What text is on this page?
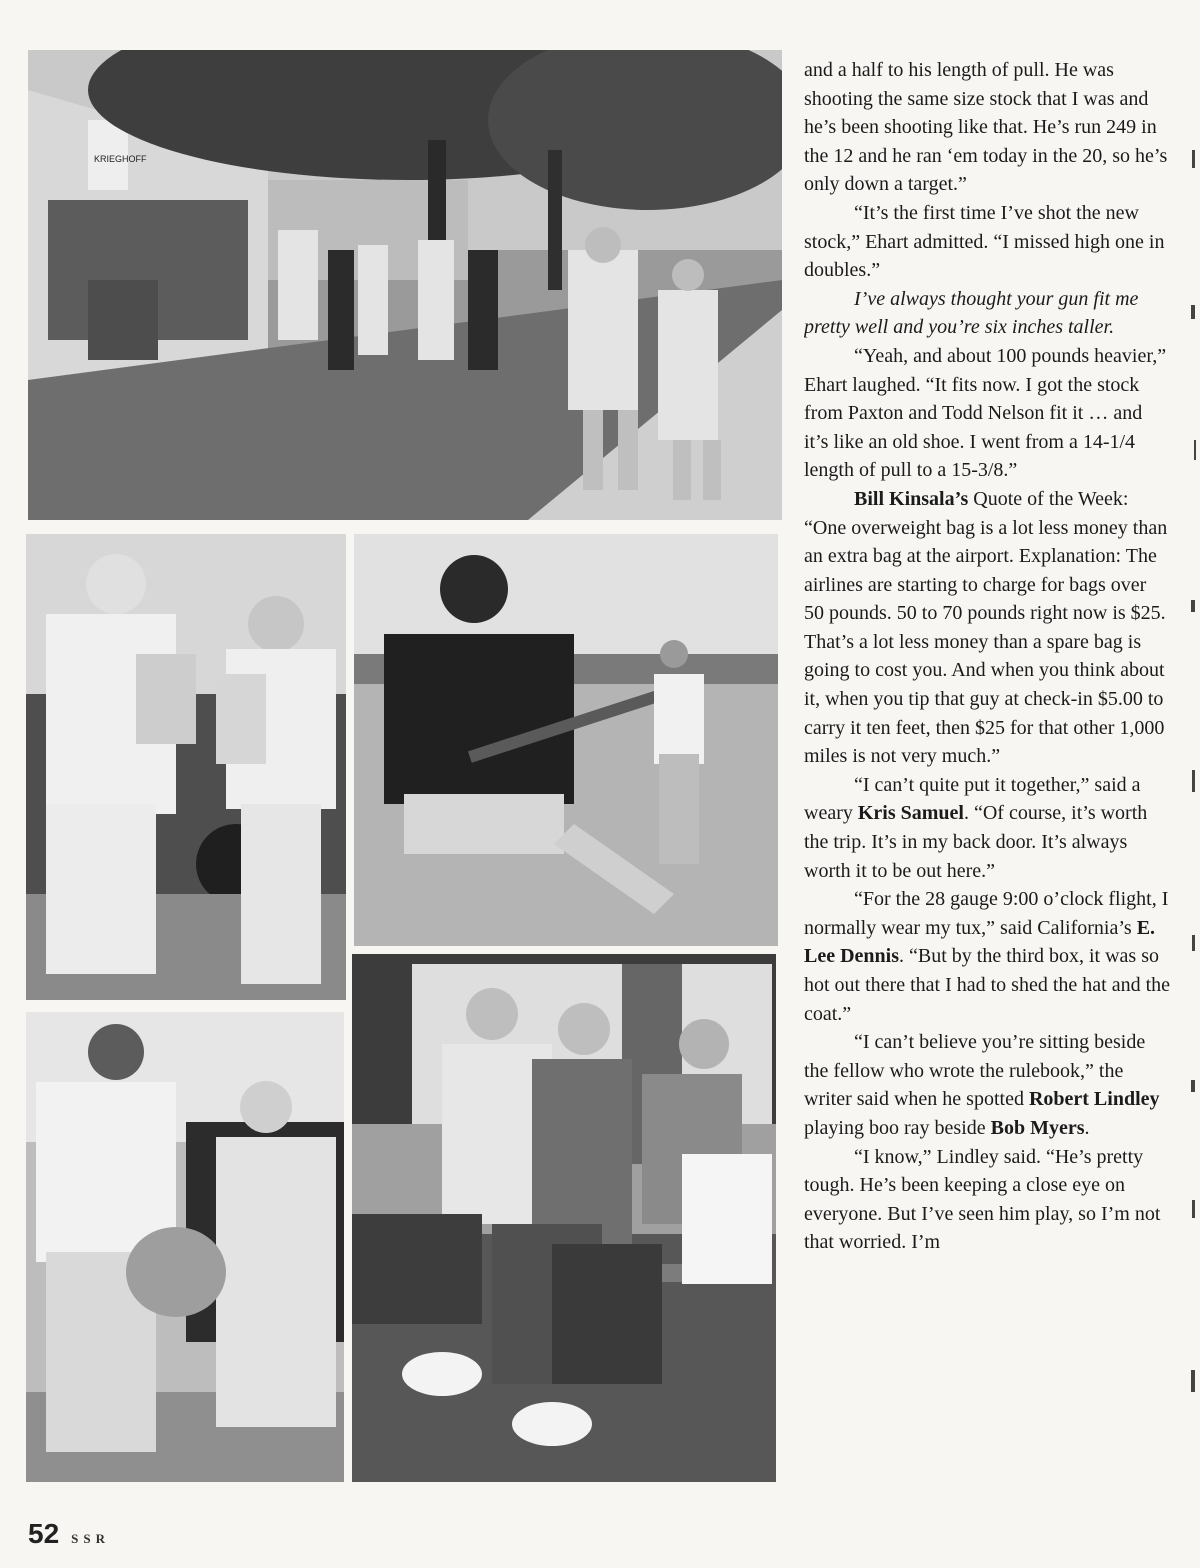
KRIEGHOFF

and a half to his length of pull. He was shooting the same size stock that I was and he’s been shooting like that. He’s run 249 in the 12 and he ran ‘em today in the 20, so he’s only down a target.”

“It’s the first time I’ve shot the new stock,” Ehart admitted. “I missed high one in doubles.”

I’ve always thought your gun fit me pretty well and you’re six inches taller.

“Yeah, and about 100 pounds heavier,” Ehart laughed. “It fits now. I got the stock from Paxton and Todd Nelson fit it … and it’s like an old shoe. I went from a 14-1/4 length of pull to a 15-3/8.”

Bill Kinsala’s Quote of the Week: “One overweight bag is a lot less money than an extra bag at the airport. Explanation: The airlines are starting to charge for bags over 50 pounds. 50 to 70 pounds right now is $25. That’s a lot less money than a spare bag is going to cost you. And when you think about it, when you tip that guy at check-in $5.00 to carry it ten feet, then $25 for that other 1,000 miles is not very much.”

“I can’t quite put it together,” said a weary Kris Samuel. “Of course, it’s worth the trip. It’s in my back door. It’s always worth it to be out here.”

“For the 28 gauge 9:00 o’clock flight, I normally wear my tux,” said California’s E. Lee Dennis. “But by the third box, it was so hot out there that I had to shed the hat and the coat.”

“I can’t believe you’re sitting beside the fellow who wrote the rulebook,” the writer said when he spotted Robert Lindley playing boo ray beside Bob Myers.

“I know,” Lindley said. “He’s pretty tough. He’s been keeping a close eye on everyone. But I’ve seen him play, so I’m not that worried. I’m

52 SSR
